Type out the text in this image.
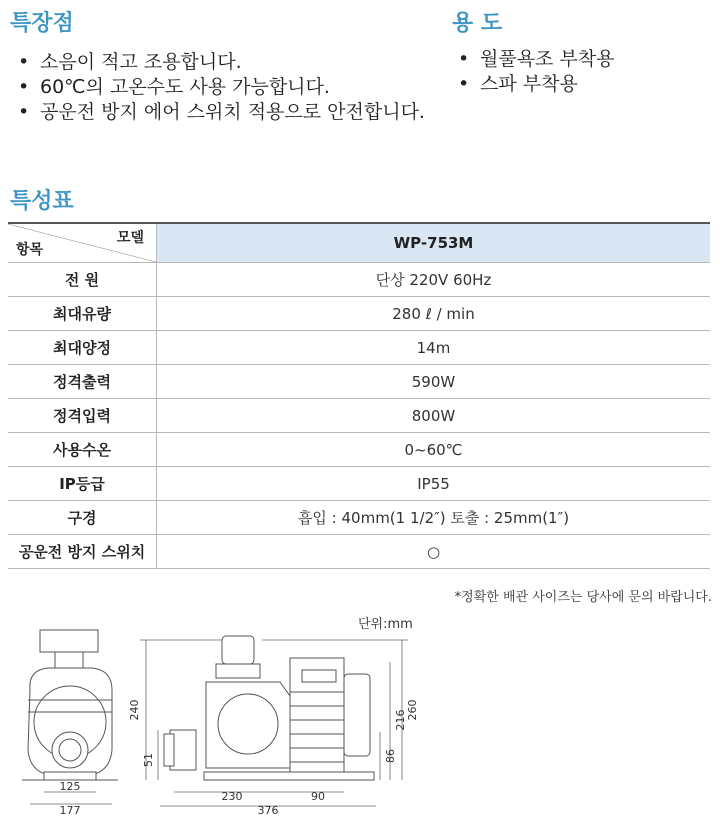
특장점
• 소음이 적고 조용합니다.
• 60℃의 고온수도 사용 가능합니다.
• 공운전 방지 에어 스위치 적용으로 안전합니다.
용 도
• 월풀욕조 부착용
• 스파 부착용
특성표
모델
항목	WP-753M
전 원	단상 220V 60Hz
최대유량	280 ℓ / min
최대양정	14m
정격출력	590W
정격입력	800W
사용수온	0~60℃
IP등급	IP55
구경	흡입 : 40mm(1 1/2″) 토출 : 25mm(1″)
공운전 방지 스위치	○
*정확한 배관 사이즈는 당사에 문의 바랍니다.
단위:mm
240
51
125
177
230	90
376
86
216 260
